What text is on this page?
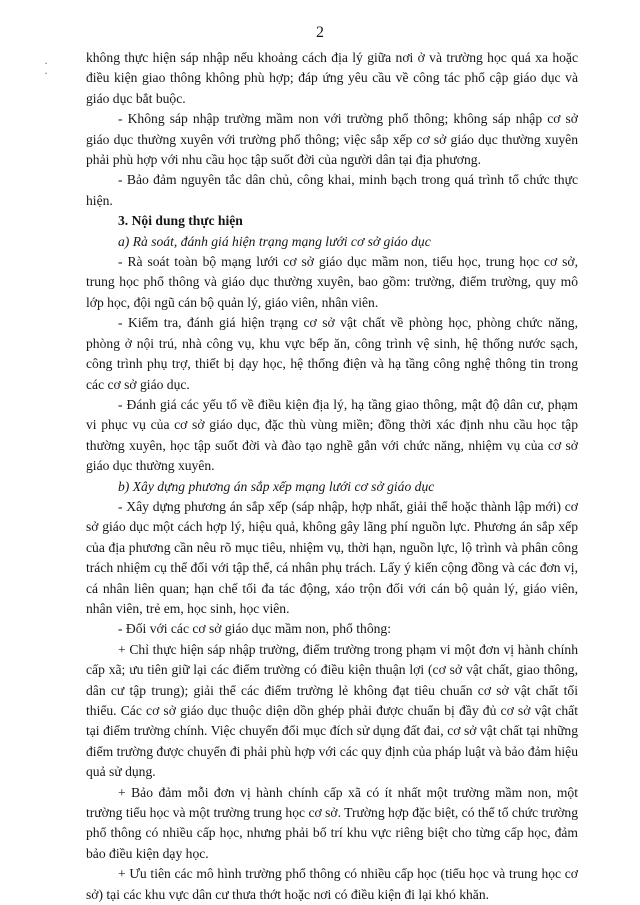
2
·
·

không thực hiện sáp nhập nếu khoảng cách địa lý giữa nơi ở và trường học quá xa hoặc điều kiện giao thông không phù hợp; đáp ứng yêu cầu về công tác phổ cập giáo dục và giáo dục bắt buộc.

- Không sáp nhập trường mầm non với trường phổ thông; không sáp nhập cơ sở giáo dục thường xuyên với trường phổ thông; việc sắp xếp cơ sở giáo dục thường xuyên phải phù hợp với nhu cầu học tập suốt đời của người dân tại địa phương.

- Bảo đảm nguyên tắc dân chủ, công khai, minh bạch trong quá trình tổ chức thực hiện.

3. Nội dung thực hiện

a) Rà soát, đánh giá hiện trạng mạng lưới cơ sở giáo dục

- Rà soát toàn bộ mạng lưới cơ sở giáo dục mầm non, tiểu học, trung học cơ sở, trung học phổ thông và giáo dục thường xuyên, bao gồm: trường, điểm trường, quy mô lớp học, đội ngũ cán bộ quản lý, giáo viên, nhân viên.

- Kiểm tra, đánh giá hiện trạng cơ sở vật chất về phòng học, phòng chức năng, phòng ở nội trú, nhà công vụ, khu vực bếp ăn, công trình vệ sinh, hệ thống nước sạch, công trình phụ trợ, thiết bị dạy học, hệ thống điện và hạ tầng công nghệ thông tin trong các cơ sở giáo dục.

- Đánh giá các yếu tố về điều kiện địa lý, hạ tầng giao thông, mật độ dân cư, phạm vi phục vụ của cơ sở giáo dục, đặc thù vùng miền; đồng thời xác định nhu cầu học tập thường xuyên, học tập suốt đời và đào tạo nghề gắn với chức năng, nhiệm vụ của cơ sở giáo dục thường xuyên.

b) Xây dựng phương án sắp xếp mạng lưới cơ sở giáo dục

- Xây dựng phương án sắp xếp (sáp nhập, hợp nhất, giải thể hoặc thành lập mới) cơ sở giáo dục một cách hợp lý, hiệu quả, không gây lãng phí nguồn lực. Phương án sắp xếp của địa phương cần nêu rõ mục tiêu, nhiệm vụ, thời hạn, nguồn lực, lộ trình và phân công trách nhiệm cụ thể đối với tập thể, cá nhân phụ trách. Lấy ý kiến cộng đồng và các đơn vị, cá nhân liên quan; hạn chế tối đa tác động, xáo trộn đối với cán bộ quản lý, giáo viên, nhân viên, trẻ em, học sinh, học viên.

- Đối với các cơ sở giáo dục mầm non, phổ thông:

+ Chỉ thực hiện sáp nhập trường, điểm trường trong phạm vi một đơn vị hành chính cấp xã; ưu tiên giữ lại các điểm trường có điều kiện thuận lợi (cơ sở vật chất, giao thông, dân cư tập trung); giải thể các điểm trường lẻ không đạt tiêu chuẩn cơ sở vật chất tối thiểu. Các cơ sở giáo dục thuộc diện dồn ghép phải được chuẩn bị đầy đủ cơ sở vật chất tại điểm trường chính. Việc chuyển đổi mục đích sử dụng đất đai, cơ sở vật chất tại những điểm trường được chuyển đi phải phù hợp với các quy định của pháp luật và bảo đảm hiệu quả sử dụng.

+ Bảo đảm mỗi đơn vị hành chính cấp xã có ít nhất một trường mầm non, một trường tiểu học và một trường trung học cơ sở. Trường hợp đặc biệt, có thể tổ chức trường phổ thông có nhiều cấp học, nhưng phải bố trí khu vực riêng biệt cho từng cấp học, đảm bảo điều kiện dạy học.

+ Ưu tiên các mô hình trường phổ thông có nhiều cấp học (tiểu học và trung học cơ sở) tại các khu vực dân cư thưa thớt hoặc nơi có điều kiện đi lại khó khăn.
